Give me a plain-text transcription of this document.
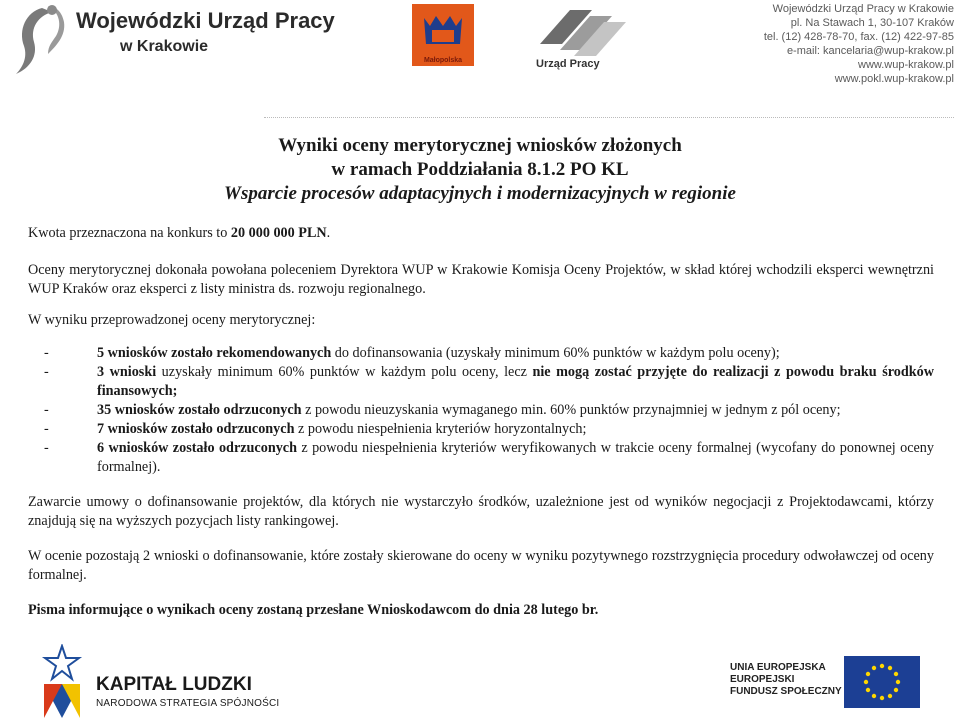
Wojewódzki Urząd Pracy
w Krakowie
Małopolska	Urząd Pracy
Wojewódzki Urząd Pracy w Krakowie
pl. Na Stawach 1, 30-107 Kraków
tel. (12) 428-78-70, fax. (12) 422-97-85
e-mail: kancelaria@wup-krakow.pl
www.wup-krakow.pl
www.pokl.wup-krakow.pl
Wyniki oceny merytorycznej wniosków złożonych
w ramach Poddziałania 8.1.2 PO KL
Wsparcie procesów adaptacyjnych i modernizacyjnych w regionie

Kwota przeznaczona na konkurs to 20 000 000 PLN.

Oceny merytorycznej dokonała powołana poleceniem Dyrektora WUP w Krakowie Komisja Oceny Projektów, w skład której wchodzili eksperci wewnętrzni WUP Kraków oraz eksperci z listy ministra ds. rozwoju regionalnego.

W wyniku przeprowadzonej oceny merytorycznej:

-	5 wniosków zostało rekomendowanych do dofinansowania (uzyskały minimum 60% punktów w każdym polu oceny);
-	3 wnioski uzyskały minimum 60% punktów w każdym polu oceny, lecz nie mogą zostać przyjęte do realizacji z powodu braku środków finansowych;
-	35 wniosków zostało odrzuconych z powodu nieuzyskania wymaganego min. 60% punktów przynajmniej w jednym z pól oceny;
-	7 wniosków zostało odrzuconych z powodu niespełnienia kryteriów horyzontalnych;
-	6 wniosków zostało odrzuconych z powodu niespełnienia kryteriów weryfikowanych w trakcie oceny formalnej (wycofany do ponownej oceny formalnej).

Zawarcie umowy o dofinansowanie projektów, dla których nie wystarczyło środków, uzależnione jest od wyników negocjacji z Projektodawcami, którzy znajdują się na wyższych pozycjach listy rankingowej.

W ocenie pozostają 2 wnioski o dofinansowanie, które zostały skierowane do oceny w wyniku pozytywnego rozstrzygnięcia procedury odwoławczej od oceny formalnej.

Pisma informujące o wynikach oceny zostaną przesłane Wnioskodawcom do dnia 28 lutego br.

KAPITAŁ LUDZKI
NARODOWA STRATEGIA SPÓJNOŚCI
UNIA EUROPEJSKA
EUROPEJSKI
FUNDUSZ SPOŁECZNY
